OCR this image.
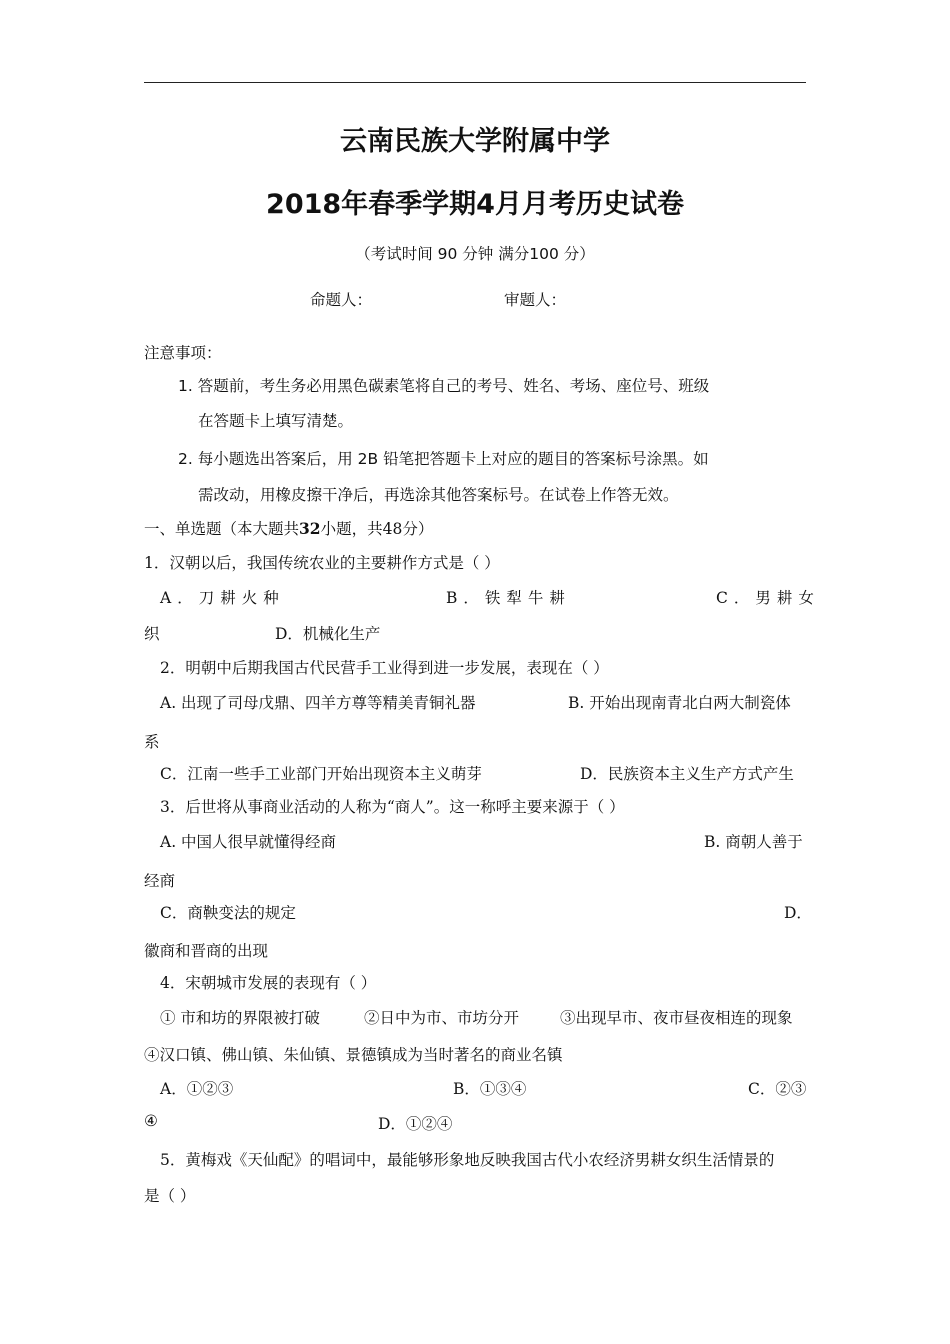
云南民族大学附属中学
2018年春季学期4月月考历史试卷
（考试时间 90 分钟 满分100 分）
命题人：	审题人：
注意事项：
1. 答题前，考生务必用黑色碳素笔将自己的考号、姓名、考场、座位号、班级
在答题卡上填写清楚。
2. 每小题选出答案后，用 2B 铅笔把答题卡上对应的题目的答案标号涂黑。如
需改动，用橡皮擦干净后，再选涂其他答案标号。在试卷上作答无效。
一、单选题（本大题共32小题，共48分）
1．汉朝以后，我国传统农业的主要耕作方式是（ ）
A．刀耕火种	B．铁犁牛耕	C．男耕女
织	D．机械化生产
2．明朝中后期我国古代民营手工业得到进一步发展，表现在（ ）
A. 出现了司母戊鼎、四羊方尊等精美青铜礼器	B. 开始出现南青北白两大制瓷体
系
C．江南一些手工业部门开始出现资本主义萌芽	D．民族资本主义生产方式产生
3．后世将从事商业活动的人称为“商人”。这一称呼主要来源于（ ）
A. 中国人很早就懂得经商	B. 商朝人善于
经商
C．商鞅变法的规定	D．
徽商和晋商的出现
4．宋朝城市发展的表现有（ ）
① 市和坊的界限被打破	②日中为市、市坊分开	③出现早市、夜市昼夜相连的现象
④汉口镇、佛山镇、朱仙镇、景德镇成为当时著名的商业名镇
A．①②③	B．①③④	C．②③
④	D．①②④
5．黄梅戏《天仙配》的唱词中，最能够形象地反映我国古代小农经济男耕女织生活情景的
是（ ）
